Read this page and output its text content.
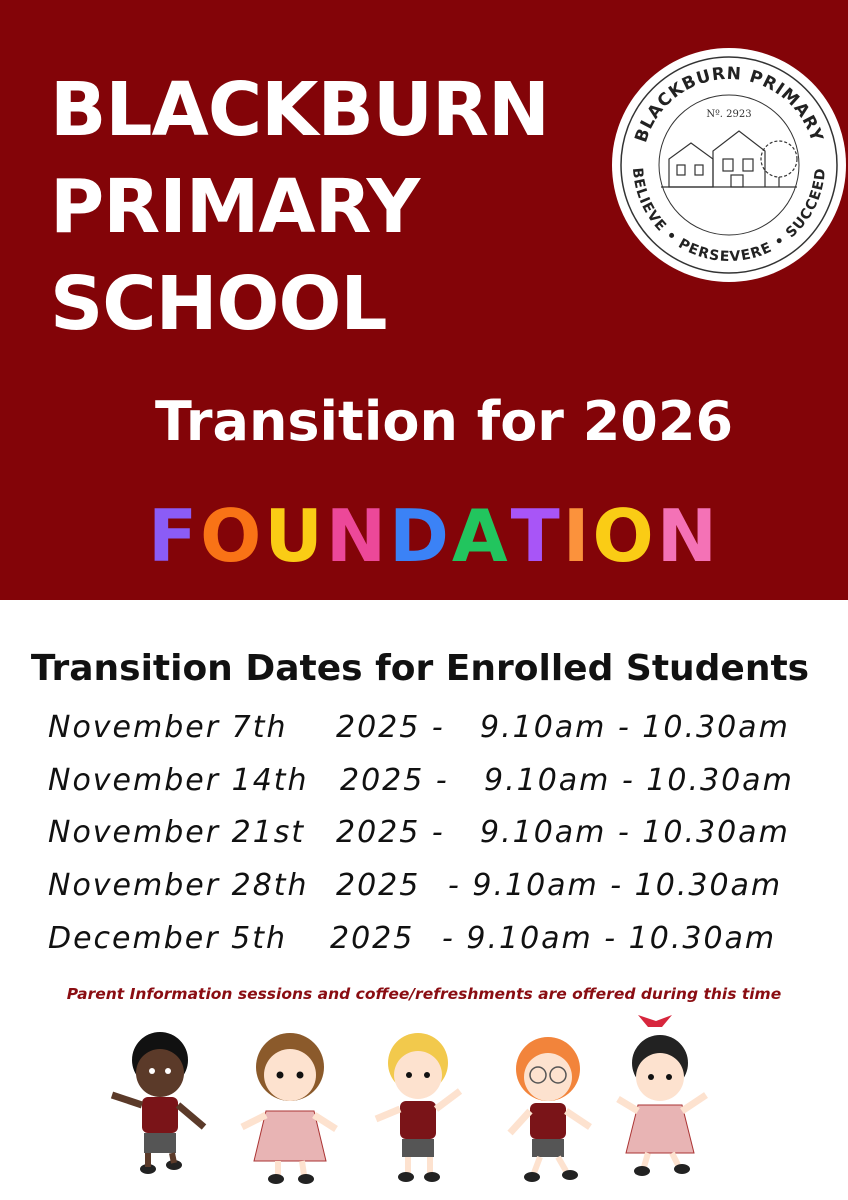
BLACKBURN
PRIMARY
SCHOOL
BLACKBURN PRIMARY
BELIEVE • PERSEVERE • SUCCEED
Nº. 2923
Transition for 2026
FOUNDATION
Transition Dates for Enrolled Students
November 7th 2025 - 9.10am - 10.30am
November 14th 2025 - 9.10am - 10.30am
November 21st 2025 - 9.10am - 10.30am
November 28th 2025 - 9.10am - 10.30am
December 5th 2025 - 9.10am - 10.30am
Parent Information sessions and coffee/refreshments are offered during this time
